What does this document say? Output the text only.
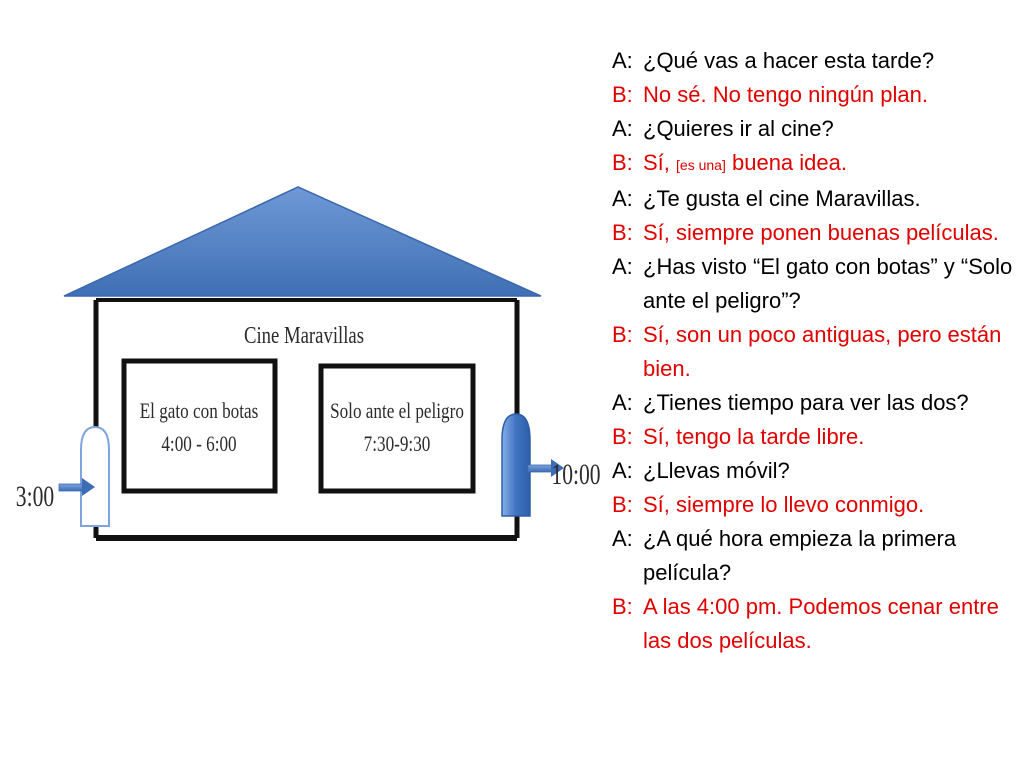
Cine Maravillas
El gato con botas
4:00 - 6:00
Solo ante el peligro
7:30-9:30
3:00
10:00
A: ¿Qué vas a hacer esta tarde?
B: No sé. No tengo ningún plan.
A: ¿Quieres ir al cine?
B: Sí, [es una] buena idea.
A: ¿Te gusta el cine Maravillas.
B: Sí, siempre ponen buenas películas.
A: ¿Has visto “El gato con botas” y “Solo ante el peligro”?
B: Sí, son un poco antiguas, pero están bien.
A: ¿Tienes tiempo para ver las dos?
B: Sí, tengo la tarde libre.
A: ¿Llevas móvil?
B: Sí, siempre lo llevo conmigo.
A: ¿A qué hora empieza la primera película?
B: A las 4:00 pm. Podemos cenar entre las dos películas.
